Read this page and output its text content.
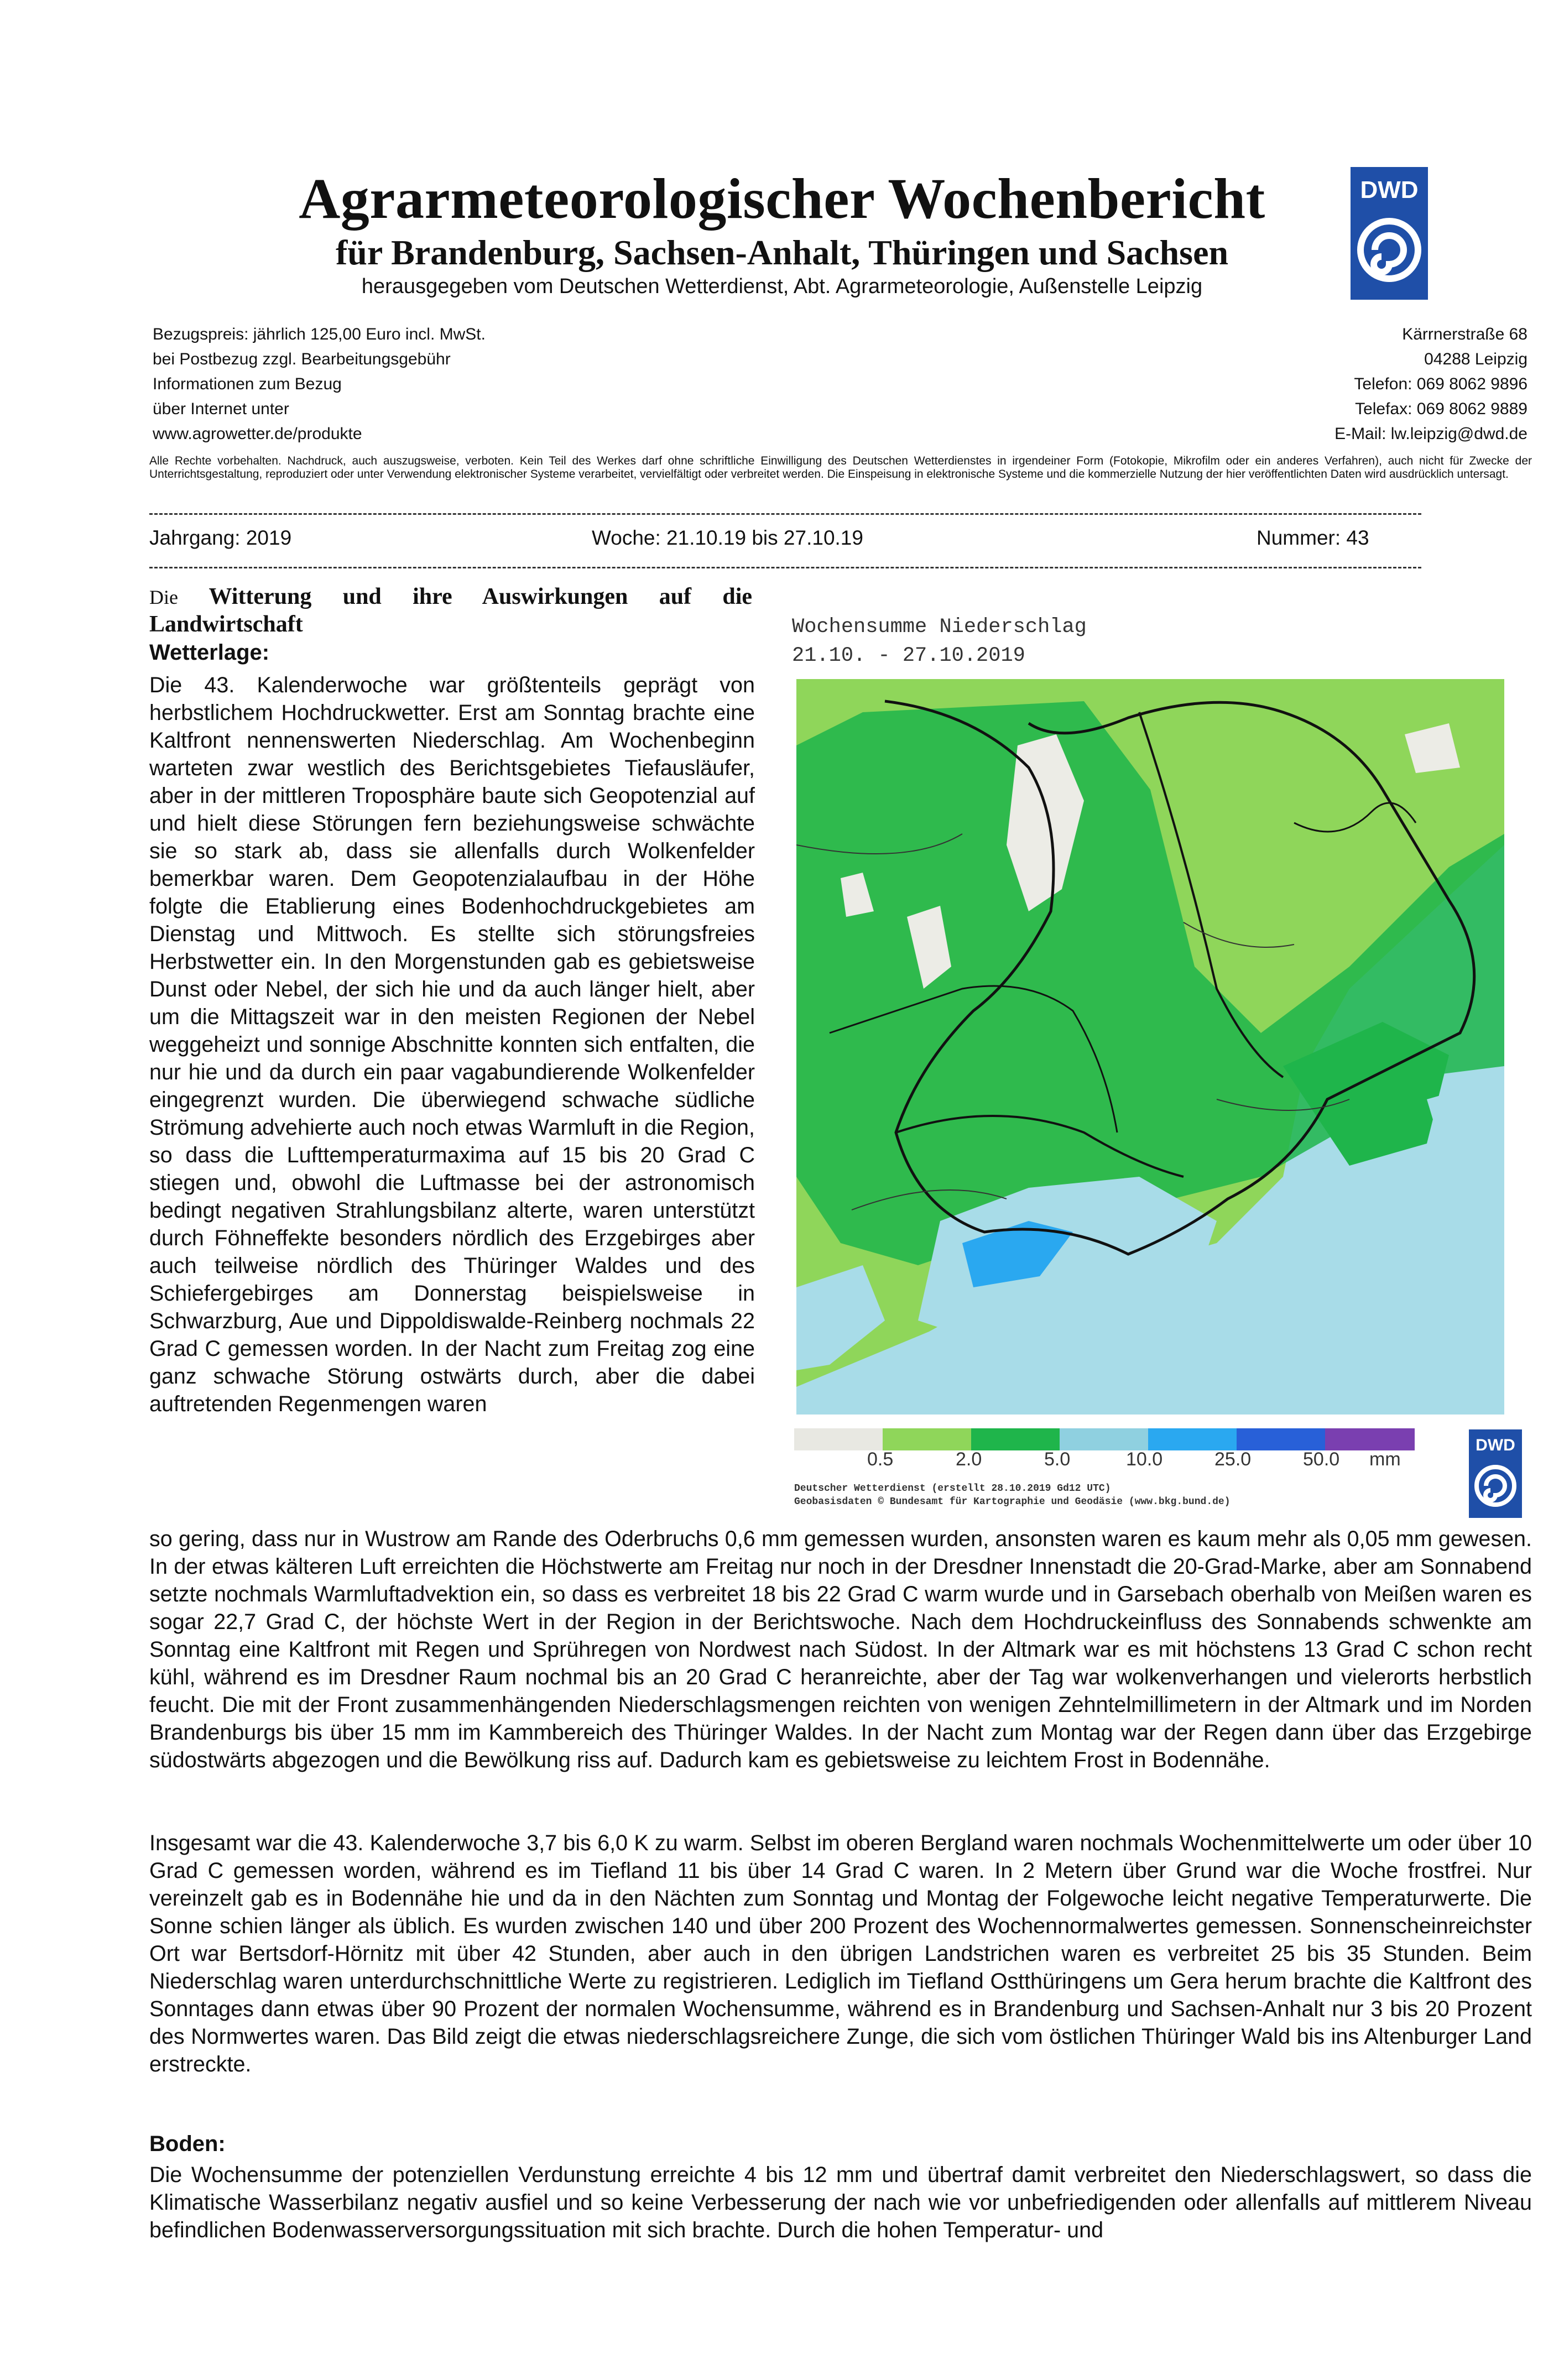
Agrarmeteorologischer Wochenbericht
für Brandenburg, Sachsen-Anhalt, Thüringen und Sachsen
herausgegeben vom Deutschen Wetterdienst, Abt. Agrarmeteorologie, Außenstelle Leipzig
DWD
Bezugspreis: jährlich 125,00 Euro incl. MwSt.
bei Postbezug zzgl. Bearbeitungsgebühr
Informationen zum Bezug
über Internet unter
www.agrowetter.de/produkte
Kärrnerstraße 68
04288 Leipzig
Telefon: 069 8062 9896
Telefax: 069 8062 9889
E-Mail: lw.leipzig@dwd.de
Alle Rechte vorbehalten. Nachdruck, auch auszugsweise, verboten. Kein Teil des Werkes darf ohne schriftliche Einwilligung des Deutschen Wetterdienstes in irgendeiner Form (Fotokopie, Mikrofilm oder ein anderes Verfahren), auch nicht für Zwecke der Unterrichtsgestaltung, reproduziert oder unter Verwendung elektronischer Systeme verarbeitet, vervielfältigt oder verbreitet werden. Die Einspeisung in elektronische Systeme und die kommerzielle Nutzung der hier veröffentlichten Daten wird ausdrücklich untersagt.
Jahrgang: 2019	Woche: 21.10.19 bis 27.10.19	Nummer: 43
Die Witterung und ihre Auswirkungen auf die
Landwirtschaft
Wetterlage:
Die 43. Kalenderwoche war größtenteils geprägt von herbstlichem Hochdruckwetter. Erst am Sonntag brachte eine Kaltfront nennenswerten Niederschlag. Am Wochenbeginn warteten zwar westlich des Berichtsgebietes Tiefausläufer, aber in der mittleren Troposphäre baute sich Geopotenzial auf und hielt diese Störungen fern beziehungsweise schwächte sie so stark ab, dass sie allenfalls durch Wolkenfelder bemerkbar waren. Dem Geopotenzialaufbau in der Höhe folgte die Etablierung eines Bodenhochdruckgebietes am Dienstag und Mittwoch. Es stellte sich störungsfreies Herbstwetter ein. In den Morgenstunden gab es gebietsweise Dunst oder Nebel, der sich hie und da auch länger hielt, aber um die Mittagszeit war in den meisten Regionen der Nebel weggeheizt und sonnige Abschnitte konnten sich entfalten, die nur hie und da durch ein paar vagabundierende Wolkenfelder eingegrenzt wurden. Die überwiegend schwache südliche Strömung advehierte auch noch etwas Warmluft in die Region, so dass die Lufttemperaturmaxima auf 15 bis 20 Grad C stiegen und, obwohl die Luftmasse bei der astronomisch bedingt negativen Strahlungsbilanz alterte, waren unterstützt durch Föhneffekte besonders nördlich des Erzgebirges aber auch teilweise nördlich des Thüringer Waldes und des Schiefergebirges am Donnerstag beispielsweise in Schwarzburg, Aue und Dippoldiswalde-Reinberg nochmals 22 Grad C gemessen worden. In der Nacht zum Freitag zog eine ganz schwache Störung ostwärts durch, aber die dabei auftretenden Regenmengen waren
Wochensumme Niederschlag
21.10. - 27.10.2019
0.5	2.0	5.0	10.0	25.0	50.0 mm
Deutscher Wetterdienst (erstellt 28.10.2019 Gd12 UTC)
Geobasisdaten © Bundesamt für Kartographie und Geodäsie (www.bkg.bund.de)
DWD
so gering, dass nur in Wustrow am Rande des Oderbruchs 0,6 mm gemessen wurden, ansonsten waren es kaum mehr als 0,05 mm gewesen. In der etwas kälteren Luft erreichten die Höchstwerte am Freitag nur noch in der Dresdner Innenstadt die 20-Grad-Marke, aber am Sonnabend setzte nochmals Warmluftadvektion ein, so dass es verbreitet 18 bis 22 Grad C warm wurde und in Garsebach oberhalb von Meißen waren es sogar 22,7 Grad C, der höchste Wert in der Region in der Berichtswoche. Nach dem Hochdruckeinfluss des Sonnabends schwenkte am Sonntag eine Kaltfront mit Regen und Sprühregen von Nordwest nach Südost. In der Altmark war es mit höchstens 13 Grad C schon recht kühl, während es im Dresdner Raum nochmal bis an 20 Grad C heranreichte, aber der Tag war wolkenverhangen und vielerorts herbstlich feucht. Die mit der Front zusammenhängenden Niederschlagsmengen reichten von wenigen Zehntelmillimetern in der Altmark und im Norden Brandenburgs bis über 15 mm im Kammbereich des Thüringer Waldes. In der Nacht zum Montag war der Regen dann über das Erzgebirge südostwärts abgezogen und die Bewölkung riss auf. Dadurch kam es gebietsweise zu leichtem Frost in Bodennähe.
Insgesamt war die 43. Kalenderwoche 3,7 bis 6,0 K zu warm. Selbst im oberen Bergland waren nochmals Wochenmittelwerte um oder über 10 Grad C gemessen worden, während es im Tiefland 11 bis über 14 Grad C waren. In 2 Metern über Grund war die Woche frostfrei. Nur vereinzelt gab es in Bodennähe hie und da in den Nächten zum Sonntag und Montag der Folgewoche leicht negative Temperaturwerte. Die Sonne schien länger als üblich. Es wurden zwischen 140 und über 200 Prozent des Wochennormalwertes gemessen. Sonnenscheinreichster Ort war Bertsdorf-Hörnitz mit über 42 Stunden, aber auch in den übrigen Landstrichen waren es verbreitet 25 bis 35 Stunden. Beim Niederschlag waren unterdurchschnittliche Werte zu registrieren. Lediglich im Tiefland Ostthüringens um Gera herum brachte die Kaltfront des Sonntages dann etwas über 90 Prozent der normalen Wochensumme, während es in Brandenburg und Sachsen-Anhalt nur 3 bis 20 Prozent des Normwertes waren. Das Bild zeigt die etwas niederschlagsreichere Zunge, die sich vom östlichen Thüringer Wald bis ins Altenburger Land erstreckte.
Boden:
Die Wochensumme der potenziellen Verdunstung erreichte 4 bis 12 mm und übertraf damit verbreitet den Niederschlagswert, so dass die Klimatische Wasserbilanz negativ ausfiel und so keine Verbesserung der nach wie vor unbefriedigenden oder allenfalls auf mittlerem Niveau befindlichen Bodenwasserversorgungssituation mit sich brachte. Durch die hohen Temperatur- und
